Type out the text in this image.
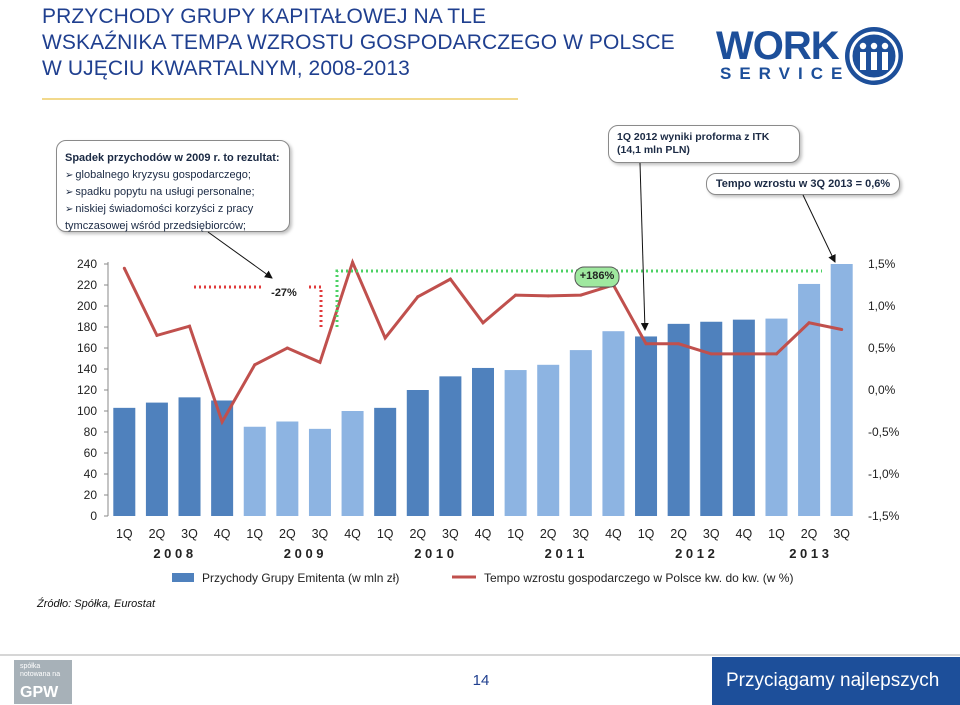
PRZYCHODY GRUPY KAPITAŁOWEJ NA TLE
WSKAŹNIKA TEMPA WZROSTU GOSPODARCZEGO W POLSCE
W UJĘCIU KWARTALNYM, 2008-2013
WORK
SERVICE
Spadek przychodów w 2009 r. to rezultat:
➢ globalnego kryzysu gospodarczego;
➢ spadku popytu na usługi personalne;
➢ niskiej świadomości korzyści z pracy tymczasowej wśród przedsiębiorców;
1Q 2012 wyniki proforma z ITK
(14,1 mln PLN)
Tempo wzrostu w 3Q 2013 = 0,6%
0
20
40
60
80
100
120
140
160
180
200
220
240
-1,5%
-1,0%
-0,5%
0,0%
0,5%
1,0%
1,5%
1Q 2Q 3Q 4Q 1Q 2Q 3Q 4Q 1Q 2Q 3Q 4Q 1Q 2Q 3Q 4Q 1Q 2Q 3Q 4Q 1Q 2Q 3Q
2 0 0 8	2 0 0 9	2 0 1 0	2 0 1 1	2 0 1 2	2 0 1 3
-27%
+186%
Przychody Grupy Emitenta (w mln zł)	Tempo wzrostu gospodarczego w Polsce kw. do kw. (w %)
Źródło: Spółka, Eurostat
spółka notowana na
GPW
14	Przyciągamy najlepszych
